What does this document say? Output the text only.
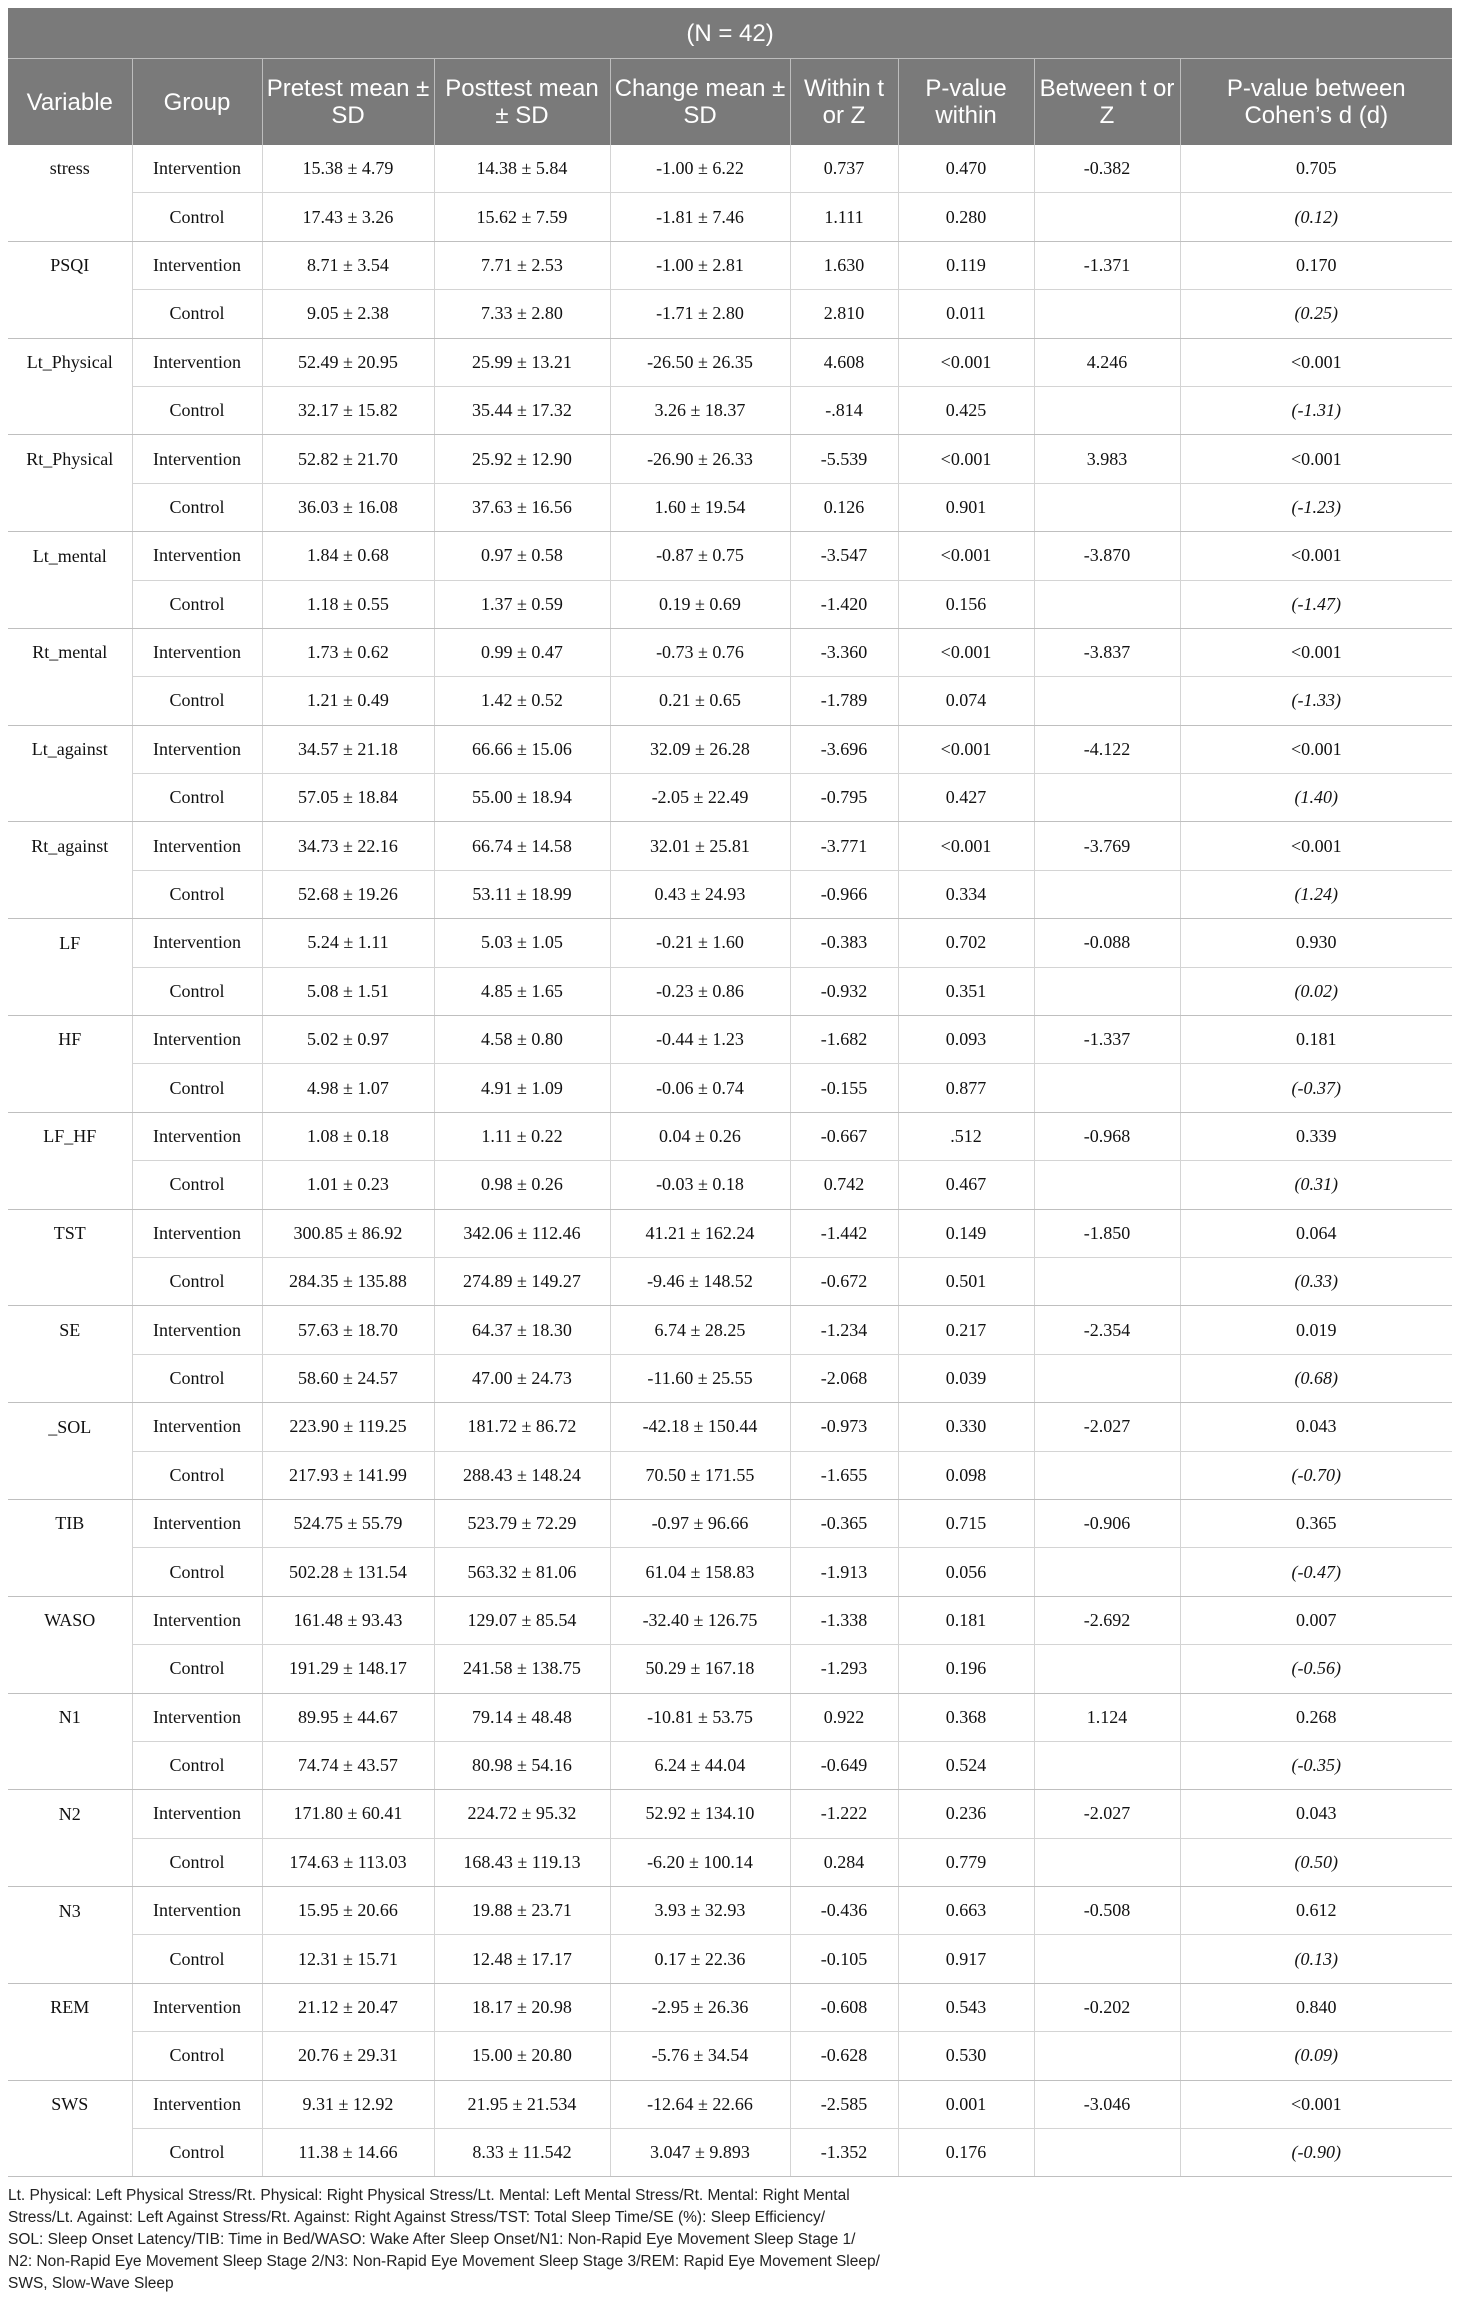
(N = 42)								
Variable	Group	Pretest mean ± SD	Posttest mean ± SD	Change mean ± SD	Within t or Z	P-value within	Between t or Z	P-value between Cohen’s d (d)
stress	Intervention	15.38 ± 4.79	14.38 ± 5.84	-1.00 ± 6.22	0.737	0.470	-0.382	0.705
	Control	17.43 ± 3.26	15.62 ± 7.59	-1.81 ± 7.46	1.111	0.280		(0.12)
PSQI	Intervention	8.71 ± 3.54	7.71 ± 2.53	-1.00 ± 2.81	1.630	0.119	-1.371	0.170
	Control	9.05 ± 2.38	7.33 ± 2.80	-1.71 ± 2.80	2.810	0.011		(0.25)
Lt_Physical	Intervention	52.49 ± 20.95	25.99 ± 13.21	-26.50 ± 26.35	4.608	<0.001	4.246	<0.001
	Control	32.17 ± 15.82	35.44 ± 17.32	3.26 ± 18.37	-.814	0.425		(-1.31)
Rt_Physical	Intervention	52.82 ± 21.70	25.92 ± 12.90	-26.90 ± 26.33	-5.539	<0.001	3.983	<0.001
	Control	36.03 ± 16.08	37.63 ± 16.56	1.60 ± 19.54	0.126	0.901		(-1.23)
Lt_mental	Intervention	1.84 ± 0.68	0.97 ± 0.58	-0.87 ± 0.75	-3.547	<0.001	-3.870	<0.001
	Control	1.18 ± 0.55	1.37 ± 0.59	0.19 ± 0.69	-1.420	0.156		(-1.47)
Rt_mental	Intervention	1.73 ± 0.62	0.99 ± 0.47	-0.73 ± 0.76	-3.360	<0.001	-3.837	<0.001
	Control	1.21 ± 0.49	1.42 ± 0.52	0.21 ± 0.65	-1.789	0.074		(-1.33)
Lt_against	Intervention	34.57 ± 21.18	66.66 ± 15.06	32.09 ± 26.28	-3.696	<0.001	-4.122	<0.001
	Control	57.05 ± 18.84	55.00 ± 18.94	-2.05 ± 22.49	-0.795	0.427		(1.40)
Rt_against	Intervention	34.73 ± 22.16	66.74 ± 14.58	32.01 ± 25.81	-3.771	<0.001	-3.769	<0.001
	Control	52.68 ± 19.26	53.11 ± 18.99	0.43 ± 24.93	-0.966	0.334		(1.24)
LF	Intervention	5.24 ± 1.11	5.03 ± 1.05	-0.21 ± 1.60	-0.383	0.702	-0.088	0.930
	Control	5.08 ± 1.51	4.85 ± 1.65	-0.23 ± 0.86	-0.932	0.351		(0.02)
HF	Intervention	5.02 ± 0.97	4.58 ± 0.80	-0.44 ± 1.23	-1.682	0.093	-1.337	0.181
	Control	4.98 ± 1.07	4.91 ± 1.09	-0.06 ± 0.74	-0.155	0.877		(-0.37)
LF_HF	Intervention	1.08 ± 0.18	1.11 ± 0.22	0.04 ± 0.26	-0.667	.512	-0.968	0.339
	Control	1.01 ± 0.23	0.98 ± 0.26	-0.03 ± 0.18	0.742	0.467		(0.31)
TST	Intervention	300.85 ± 86.92	342.06 ± 112.46	41.21 ± 162.24	-1.442	0.149	-1.850	0.064
	Control	284.35 ± 135.88	274.89 ± 149.27	-9.46 ± 148.52	-0.672	0.501		(0.33)
SE	Intervention	57.63 ± 18.70	64.37 ± 18.30	6.74 ± 28.25	-1.234	0.217	-2.354	0.019
	Control	58.60 ± 24.57	47.00 ± 24.73	-11.60 ± 25.55	-2.068	0.039		(0.68)
_SOL	Intervention	223.90 ± 119.25	181.72 ± 86.72	-42.18 ± 150.44	-0.973	0.330	-2.027	0.043
	Control	217.93 ± 141.99	288.43 ± 148.24	70.50 ± 171.55	-1.655	0.098		(-0.70)
TIB	Intervention	524.75 ± 55.79	523.79 ± 72.29	-0.97 ± 96.66	-0.365	0.715	-0.906	0.365
	Control	502.28 ± 131.54	563.32 ± 81.06	61.04 ± 158.83	-1.913	0.056		(-0.47)
WASO	Intervention	161.48 ± 93.43	129.07 ± 85.54	-32.40 ± 126.75	-1.338	0.181	-2.692	0.007
	Control	191.29 ± 148.17	241.58 ± 138.75	50.29 ± 167.18	-1.293	0.196		(-0.56)
N1	Intervention	89.95 ± 44.67	79.14 ± 48.48	-10.81 ± 53.75	0.922	0.368	1.124	0.268
	Control	74.74 ± 43.57	80.98 ± 54.16	6.24 ± 44.04	-0.649	0.524		(-0.35)
N2	Intervention	171.80 ± 60.41	224.72 ± 95.32	52.92 ± 134.10	-1.222	0.236	-2.027	0.043
	Control	174.63 ± 113.03	168.43 ± 119.13	-6.20 ± 100.14	0.284	0.779		(0.50)
N3	Intervention	15.95 ± 20.66	19.88 ± 23.71	3.93 ± 32.93	-0.436	0.663	-0.508	0.612
	Control	12.31 ± 15.71	12.48 ± 17.17	0.17 ± 22.36	-0.105	0.917		(0.13)
REM	Intervention	21.12 ± 20.47	18.17 ± 20.98	-2.95 ± 26.36	-0.608	0.543	-0.202	0.840
	Control	20.76 ± 29.31	15.00 ± 20.80	-5.76 ± 34.54	-0.628	0.530		(0.09)
SWS	Intervention	9.31 ± 12.92	21.95 ± 21.534	-12.64 ± 22.66	-2.585	0.001	-3.046	<0.001
	Control	11.38 ± 14.66	8.33 ± 11.542	3.047 ± 9.893	-1.352	0.176		(-0.90)
Lt. Physical: Left Physical Stress/Rt. Physical: Right Physical Stress/Lt. Mental: Left Mental Stress/Rt. Mental: Right Mental
Stress/Lt. Against: Left Against Stress/Rt. Against: Right Against Stress/TST: Total Sleep Time/SE (%): Sleep Efficiency/
SOL: Sleep Onset Latency/TIB: Time in Bed/WASO: Wake After Sleep Onset/N1: Non-Rapid Eye Movement Sleep Stage 1/
N2: Non-Rapid Eye Movement Sleep Stage 2/N3: Non-Rapid Eye Movement Sleep Stage 3/REM: Rapid Eye Movement Sleep/
SWS, Slow-Wave Sleep
